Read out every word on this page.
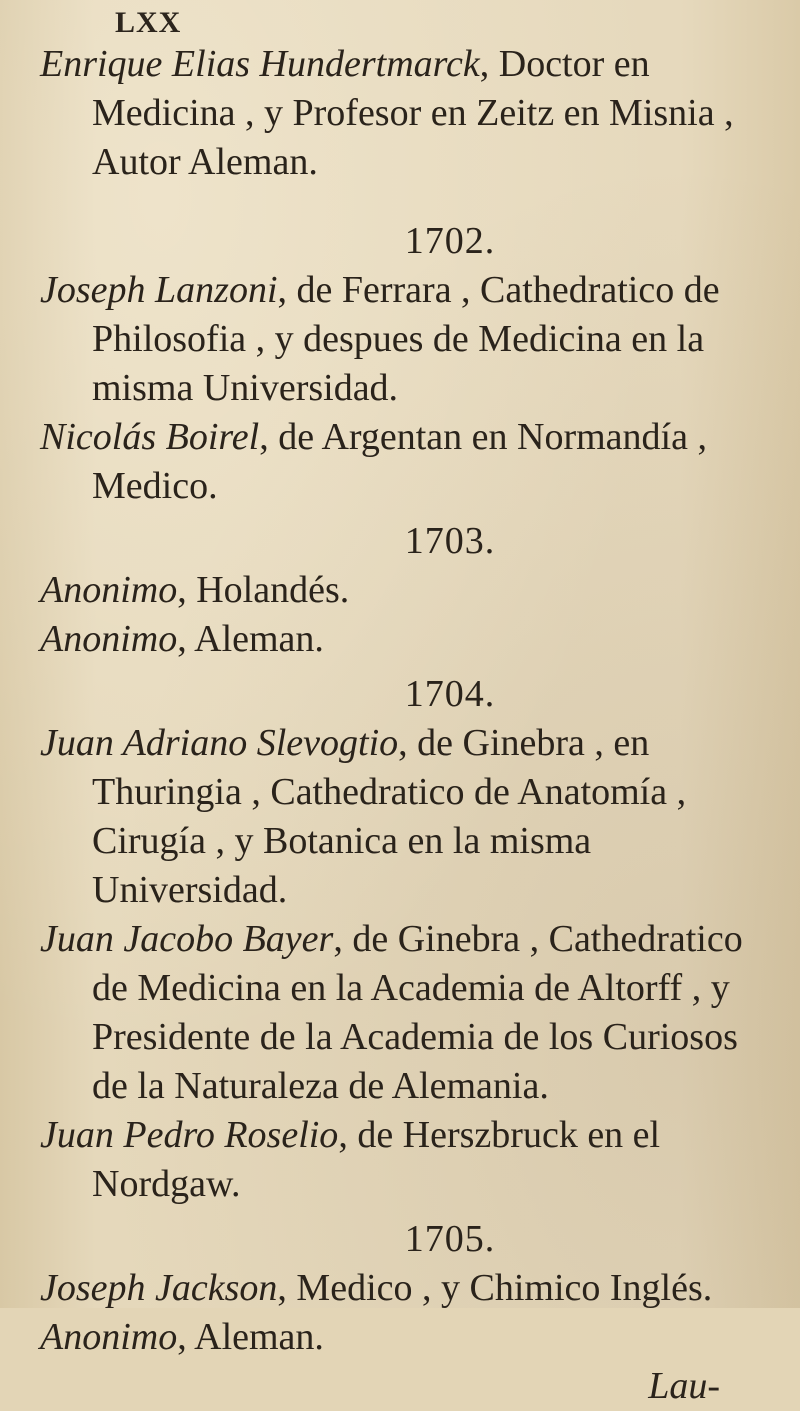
LXX

Enrique Elias Hundertmarck, Doctor en Medicina , y Profesor en Zeitz en Misnia , Autor Aleman.

1702.

Joseph Lanzoni, de Ferrara , Cathedratico de Philosofia , y despues de Medicina en la misma Universidad.

Nicolás Boirel, de Argentan en Normandía , Medico.

1703.

Anonimo, Holandés.

Anonimo, Aleman.

1704.

Juan Adriano Slevogtio, de Ginebra , en Thuringia , Cathedratico de Anatomía , Cirugía , y Botanica en la misma Universidad.

Juan Jacobo Bayer, de Ginebra , Cathedratico de Medicina en la Academia de Altorff , y Presidente de la Academia de los Curiosos de la Naturaleza de Alemania.

Juan Pedro Roselio, de Herszbruck en el Nordgaw.

1705.

Joseph Jackson, Medico , y Chimico Inglés.

Anonimo, Aleman.

Lau-
